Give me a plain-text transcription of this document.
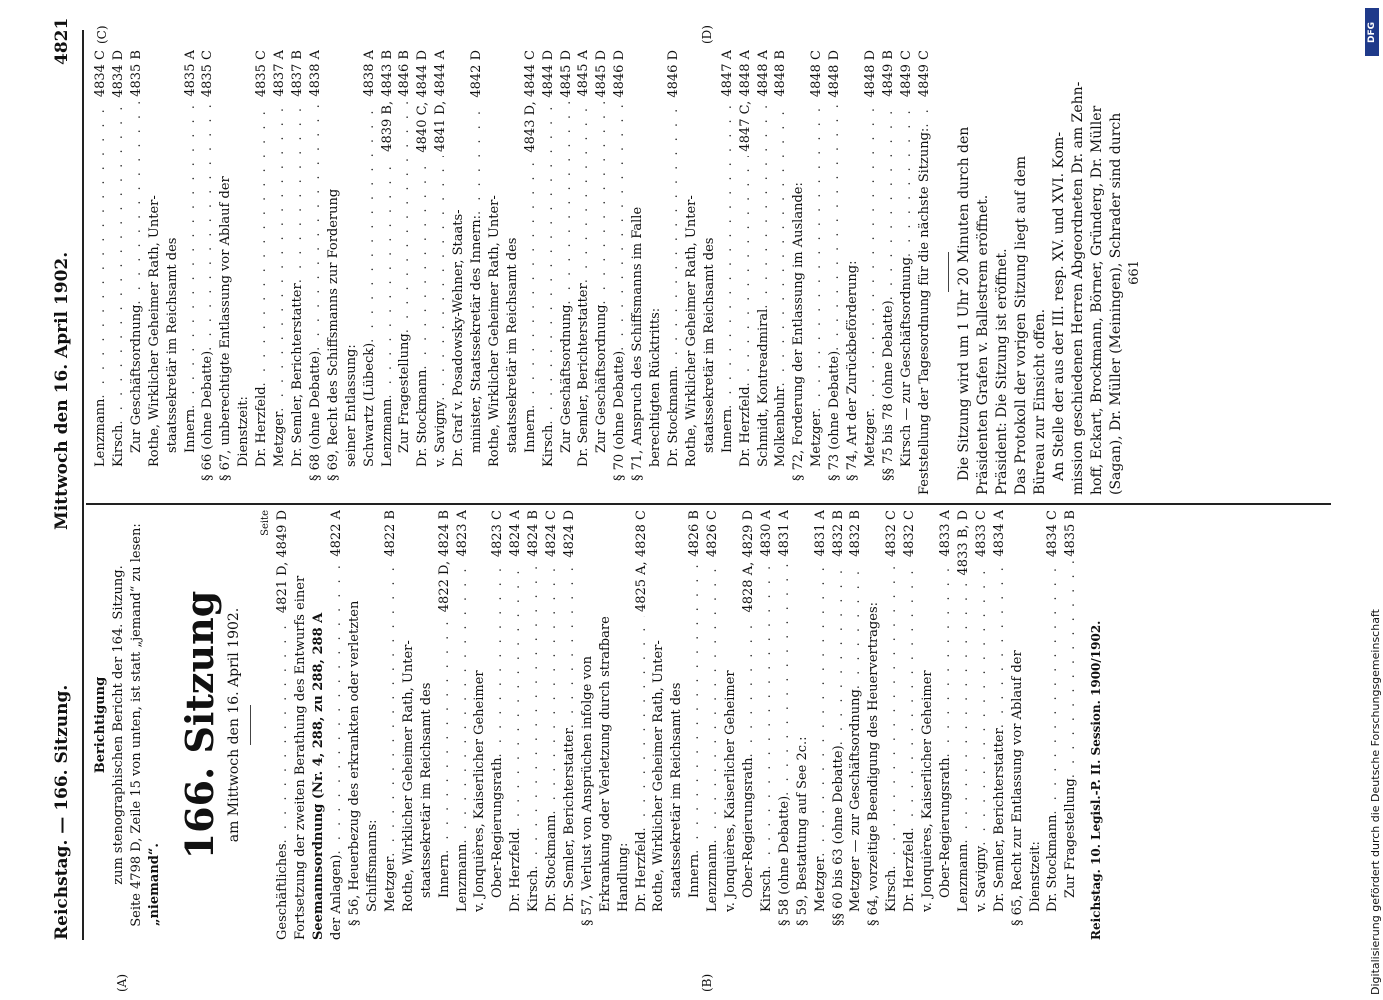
Reichstag. — 166. Sitzung.
Mittwoch den 16. April 1902.
4821
(A)	(B)
(C)	(D)
Berichtigung zum stenographischen Bericht der 164. Sitzung. Seite 4798 D, Zeile 15 von unten, ist statt „jemand“ zu lesen: „niemand“.
166. Sitzung am Mittwoch den 16. April 1902.
Seite
Geschäftliches
. . .
4821 D, 4849 D
Fortsetzung der zweiten Berathung des Entwurfs einer Seemannsordnung (Nr. 4, 288, zu 288, 288 A der Anlagen)
. . .
4822 A
§ 56, Heuerbezug des erkrankten oder verletzten Schiffsmanns: Metzger
. . .
4822 B
Rothe, Wirklicher Geheimer Rath, Unter- staatssekretär im Reichsamt des Innern
. . .
4822 D, 4824 B
Lenzmann
. . .
4823 A
v. Jonquières, Kaiserlicher Geheimer Ober-Regierungsrath
. . .
4823 C
Dr. Herzfeld
. . .
4824 A
Kirsch
. . .
4824 B
Dr. Stockmann
. . .
4824 C
Dr. Semler, Berichterstatter
. . .
4824 D
§ 57, Verlust von Ansprüchen infolge von Erkrankung oder Verletzung durch strafbare Handlung: Dr. Herzfeld
. . .
4825 A, 4828 C
Rothe, Wirklicher Geheimer Rath, Unter- staatssekretär im Reichsamt des Innern
. . .
4826 B
Lenzmann
. . .
4826 C
v. Jonquières, Kaiserlicher Geheimer Ober-Regierungsrath
. . .
4828 A, 4829 D
Kirsch
. . .
4830 A
§ 58 (ohne Debatte)
. . .
4831 A
§ 59, Bestattung auf See 2c.: Metzger
. . .
4831 A
§§ 60 bis 63 (ohne Debatte)
. . .
4832 B
Metzger — zur Geschäftsordnung
. . .
4832 B
§ 64, vorzeitige Beendigung des Heuervertrages: Kirsch
. . .
4832 C
Dr. Herzfeld
. . .
4832 C
v. Jonquières, Kaiserlicher Geheimer Ober-Regierungsrath
. . .
4833 A
Lenzmann
. . .
4833 B, D
v. Savigny
. . .
4833 C
Dr. Semler, Berichterstatter
. . .
4834 A
§ 65, Recht zur Entlassung vor Ablauf der Dienstzeit: Dr. Stockmann
. . .
4834 C
Zur Fragestellung
. . .
4835 B
Reichstag. 10. Legisl.-P. II. Session. 1900/1902.
Lenzmann
. . .
4834 C
Kirsch
. . .
4834 D
Zur Geschäftsordnung
. . .
4835 B
Rothe, Wirklicher Geheimer Rath, Unter- staatssekretär im Reichsamt des Innern
. . .
4835 A
§ 66 (ohne Debatte)
. . .
4835 C
§ 67, unberechtigte Entlassung vor Ablauf der Dienstzeit: Dr. Herzfeld
. . .
4835 C
Metzger
. . .
4837 A
Dr. Semler, Berichterstatter
. . .
4837 B
§ 68 (ohne Debatte)
. . .
4838 A
§ 69, Recht des Schiffsmanns zur Forderung seiner Entlassung: Schwartz (Lübeck)
. . .
4838 A
Lenzmann
. . .
4839 B, 4843 B
Zur Fragestellung
. . .
4846 B
Dr. Stockmann
. . .
4840 C, 4844 D
v. Savigny
. . .
4841 D, 4844 A
Dr. Graf v. Posadowsky-Wehner, Staats- minister, Staatssekretär des Innern:
. . .
4842 D
Rothe, Wirklicher Geheimer Rath, Unter- staatssekretär im Reichsamt des Innern
. . .
4843 D, 4844 C
Kirsch
. . .
4844 D
Zur Geschäftsordnung
. . .
4845 D
Dr. Semler, Berichterstatter
. . .
4845 A
Zur Geschäftsordnung
. . .
4845 D
§ 70 (ohne Debatte)
. . .
4846 D
§ 71, Anspruch des Schiffsmanns im Falle berechtigten Rücktritts: Dr. Stockmann
. . .
4846 D
Rothe, Wirklicher Geheimer Rath, Unter- staatssekretär im Reichsamt des Innern
. . .
4847 A
Dr. Herzfeld
. . .
4847 C, 4848 A
Schmidt, Kontreadmiral
. . .
4848 A
Molkenbuhr
. . .
4848 B
§ 72, Forderung der Entlassung im Auslande: Metzger
. . .
4848 C
§ 73 (ohne Debatte)
. . .
4848 D
§ 74, Art der Zurückbeförderung: Metzger
. . .
4848 D
§§ 75 bis 78 (ohne Debatte)
. . .
4849 B
Kirsch — zur Geschäftsordnung
. . .
4849 C
Feststellung der Tagesordnung für die nächste Sitzung:
. . .
4849 C
Die Sitzung wird um 1 Uhr 20 Minuten durch den Präsidenten Grafen v. Ballestrem eröffnet. Präsident: Die Sitzung ist eröffnet. Das Protokoll der vorigen Sitzung liegt auf dem Büreau zur Einsicht offen. An Stelle der aus der III. resp. XV. und XVI. Kom- mission geschiedenen Herren Abgeordneten Dr. am Zehn- hoff, Eckart, Brockmann, Börner, Gründerg, Dr. Müller (Sagan), Dr. Müller (Meiningen), Schrader sind durch 661
DFG
Digitalisierung gefördert durch die Deutsche Forschungsgemeinschaft
